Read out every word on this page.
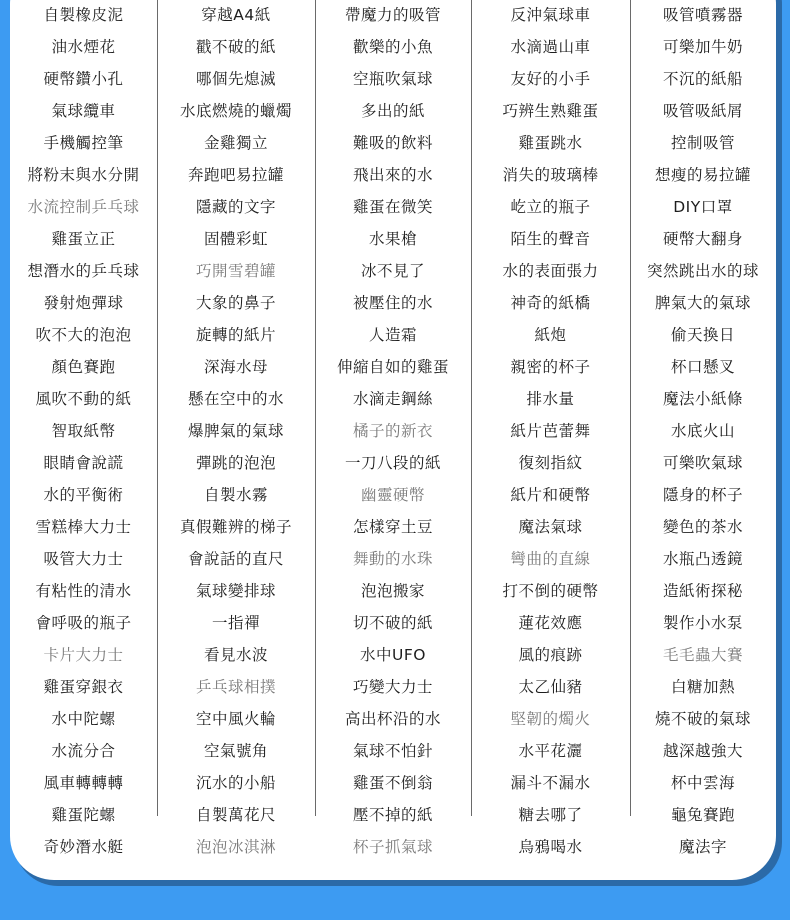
自製橡皮泥	穿越A4紙	帶魔力的吸管	反沖氣球車	吸管噴霧器
油水煙花	戳不破的紙	歡樂的小魚	水滴過山車	可樂加牛奶
硬幣鑽小孔	哪個先熄滅	空瓶吹氣球	友好的小手	不沉的紙船
氣球纜車	水底燃燒的蠟燭	多出的紙	巧辨生熟雞蛋	吸管吸紙屑
手機觸控筆	金雞獨立	難吸的飲料	雞蛋跳水	控制吸管
將粉末與水分開	奔跑吧易拉罐	飛出來的水	消失的玻璃棒	想瘦的易拉罐
水流控制乒乓球	隱藏的文字	雞蛋在微笑	屹立的瓶子	DIY口罩
雞蛋立正	固體彩虹	水果槍	陌生的聲音	硬幣大翻身
想潛水的乒乓球	巧開雪碧罐	冰不見了	水的表面張力	突然跳出水的球
發射炮彈球	大象的鼻子	被壓住的水	神奇的紙橋	脾氣大的氣球
吹不大的泡泡	旋轉的紙片	人造霜	紙炮	偷天換日
顏色賽跑	深海水母	伸縮自如的雞蛋	親密的杯子	杯口懸叉
風吹不動的紙	懸在空中的水	水滴走鋼絲	排水量	魔法小紙條
智取紙幣	爆脾氣的氣球	橘子的新衣	紙片芭蕾舞	水底火山
眼睛會說謊	彈跳的泡泡	一刀八段的紙	復刻指紋	可樂吹氣球
水的平衡術	自製水霧	幽靈硬幣	紙片和硬幣	隱身的杯子
雪糕棒大力士	真假難辨的梯子	怎樣穿土豆	魔法氣球	變色的茶水
吸管大力士	會說話的直尺	舞動的水珠	彎曲的直線	水瓶凸透鏡
有粘性的清水	氣球變排球	泡泡搬家	打不倒的硬幣	造紙術探秘
會呼吸的瓶子	一指禪	切不破的紙	蓮花效應	製作小水泵
卡片大力士	看見水波	水中UFO	風的痕跡	毛毛蟲大賽
雞蛋穿銀衣	乒乓球相撲	巧變大力士	太乙仙豬	白糖加熱
水中陀螺	空中風火輪	高出杯沿的水	堅韌的燭火	燒不破的氣球
水流分合	空氣號角	氣球不怕針	水平花灑	越深越強大
風車轉轉轉	沉水的小船	雞蛋不倒翁	漏斗不漏水	杯中雲海
雞蛋陀螺	自製萬花尺	壓不掉的紙	糖去哪了	龜兔賽跑
奇妙潛水艇	泡泡冰淇淋	杯子抓氣球	烏鴉喝水	魔法字
